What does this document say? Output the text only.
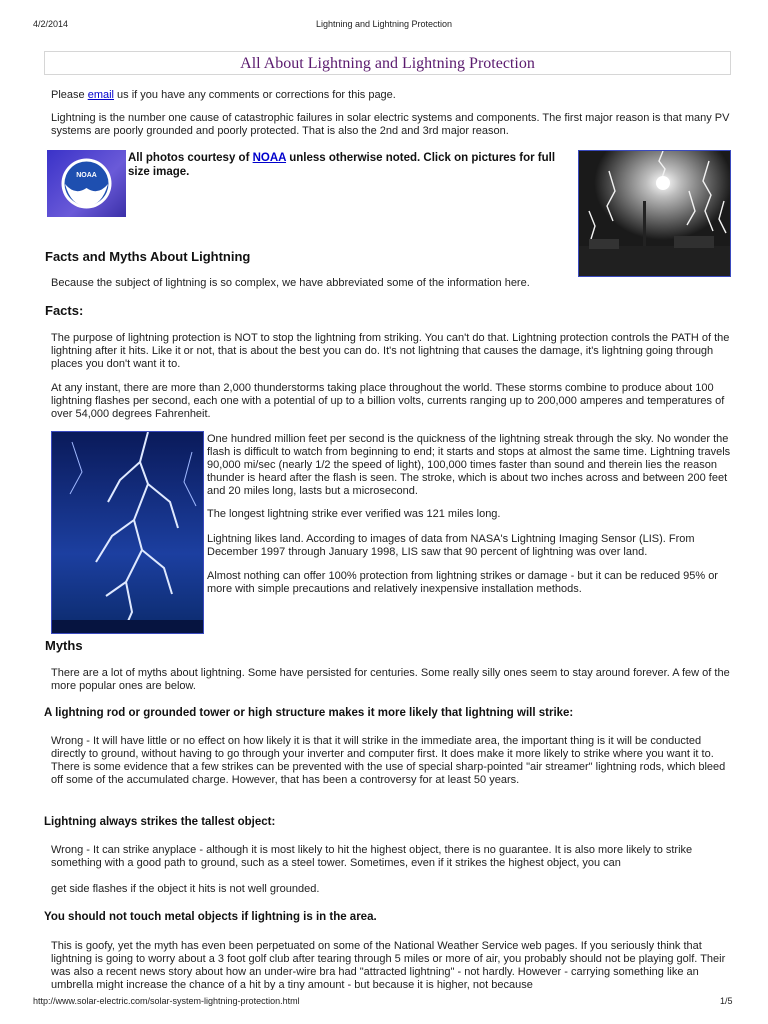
4/2/2014	Lightning and Lightning Protection
All About Lightning and Lightning Protection
Please email us if you have any comments or corrections for this page.
Lightning is the number one cause of catastrophic failures in solar electric systems and components. The first major reason is that many PV systems are poorly grounded and poorly protected. That is also the 2nd and 3rd major reason.
NOAA
All photos courtesy of NOAA unless otherwise noted. Click on pictures for full size image.
Facts and Myths About Lightning
Because the subject of lightning is so complex, we have abbreviated some of the information here.
Facts:
The purpose of lightning protection is NOT to stop the lightning from striking. You can't do that. Lightning protection controls the PATH of the lightning after it hits. Like it or not, that is about the best you can do. It's not lightning that causes the damage, it's lightning going through places you don't want it to.
At any instant, there are more than 2,000 thunderstorms taking place throughout the world. These storms combine to produce about 100 lightning flashes per second, each one with a potential of up to a billion volts, currents ranging up to 200,000 amperes and temperatures of over 54,000 degrees Fahrenheit.
One hundred million feet per second is the quickness of the lightning streak through the sky. No wonder the flash is difficult to watch from beginning to end; it starts and stops at almost the same time. Lightning travels 90,000 mi/sec (nearly 1/2 the speed of light), 100,000 times faster than sound and therein lies the reason thunder is heard after the flash is seen. The stroke, which is about two inches across and between 200 feet and 20 miles long, lasts but a microsecond.
The longest lightning strike ever verified was 121 miles long.
Lightning likes land. According to images of data from NASA's Lightning Imaging Sensor (LIS). From December 1997 through January 1998, LIS saw that 90 percent of lightning was over land.
Almost nothing can offer 100% protection from lightning strikes or damage - but it can be reduced 95% or more with simple precautions and relatively inexpensive installation methods.
Myths
There are a lot of myths about lightning. Some have persisted for centuries. Some really silly ones seem to stay around forever. A few of the more popular ones are below.
A lightning rod or grounded tower or high structure makes it more likely that lightning will strike:
Wrong - It will have little or no effect on how likely it is that it will strike in the immediate area, the important thing is it will be conducted directly to ground, without having to go through your inverter and computer first. It does make it more likely to strike where you want it to. There is some evidence that a few strikes can be prevented with the use of special sharp-pointed "air streamer" lightning rods, which bleed off some of the accumulated charge. However, that has been a controversy for at least 50 years.
Lightning always strikes the tallest object:
Wrong - It can strike anyplace - although it is most likely to hit the highest object, there is no guarantee. It is also more likely to strike something with a good path to ground, such as a steel tower. Sometimes, even if it strikes the highest object, you can
get side flashes if the object it hits is not well grounded.
You should not touch metal objects if lightning is in the area.
This is goofy, yet the myth has even been perpetuated on some of the National Weather Service web pages. If you seriously think that lightning is going to worry about a 3 foot golf club after tearing through 5 miles or more of air, you probably should not be playing golf. Their was also a recent news story about how an under-wire bra had "attracted lightning" - not hardly. However - carrying something like an umbrella might increase the chance of a hit by a tiny amount - but because it is higher, not because
http://www.solar-electric.com/solar-system-lightning-protection.html	1/5
